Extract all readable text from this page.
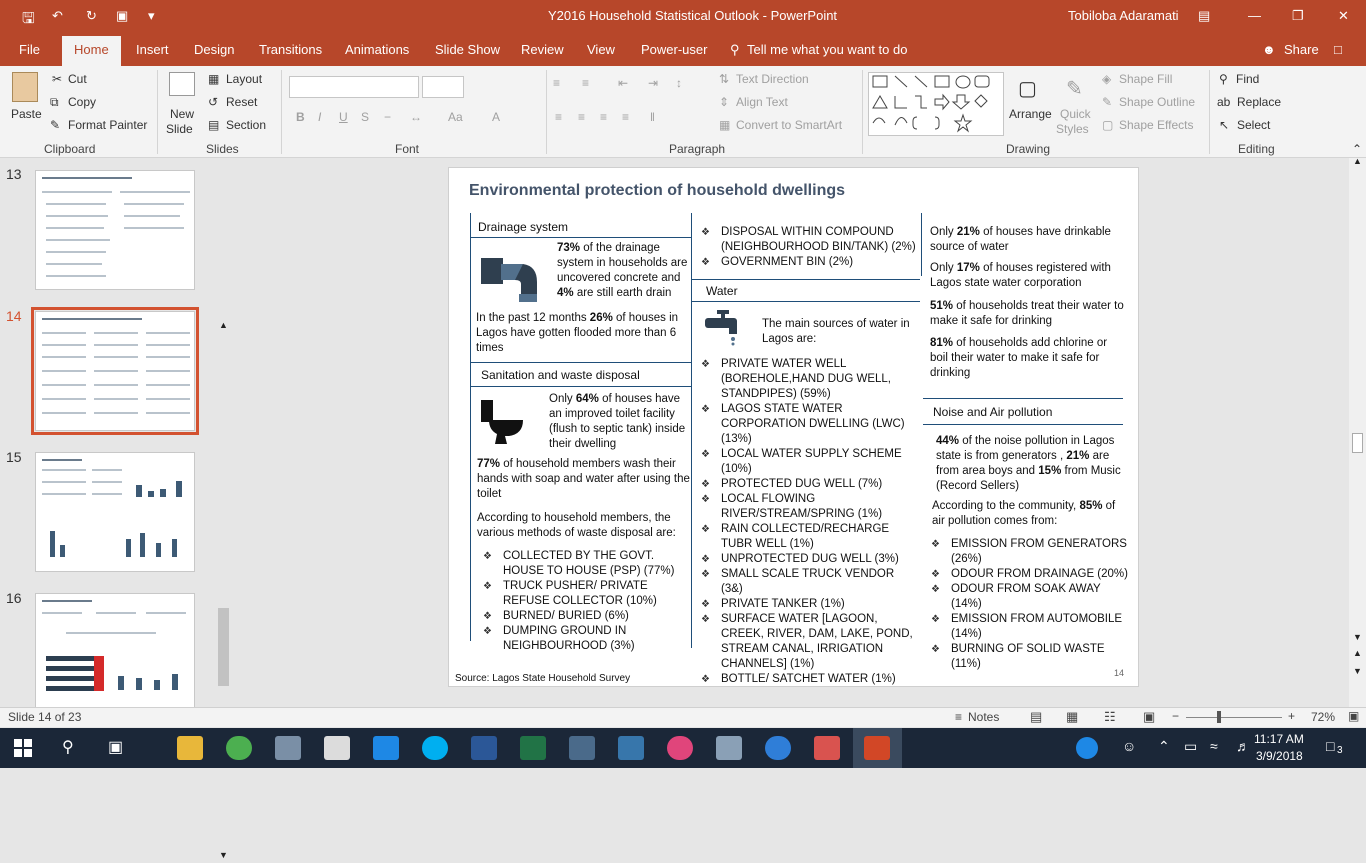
🖫 ↶ ↻ ▣ ▾	Y2016 Household Statistical Outlook - PowerPoint	Tobiloba Adaramati ▤	— ❐	✕
File	Home	Insert Design Transitions Animations Slide Show Review View Power-user ⚲ Tell me what you want to do	☻ Share □
Paste
✂ Cut
⧉ Copy
✎ Format Painter
Clipboard
New
Slide
▦ Layout
↺ Reset
▤ Section
Slides
B I U S − ↔ Aa A
Font
≡ ≡ ⇤ ⇥ ↕
≡ ≡ ≡ ≡ ‖
⇅ Text Direction
⇕ Align Text
▦ Convert to SmartArt
Paragraph
▢
Arrange
✎
Quick
Styles
◈ Shape Fill
✎ Shape Outline
▢ Shape Effects
Drawing
⚲ Find
ab Replace
↖ Select
Editing	⌃
13
14
15
16
▲
▼
Environmental protection of household dwellings
Drainage system
73% of the drainage system in households are uncovered concrete and 4% are still earth drain
In the past 12 months 26% of houses in Lagos have gotten flooded more than 6 times
Sanitation and waste disposal
Only 64% of houses have an improved toilet facility (flush to septic tank) inside their dwelling
77% of household members wash their hands with soap and water after using the toilet
According to household members, the various methods of waste disposal are:
❖ COLLECTED BY THE GOVT. HOUSE TO HOUSE (PSP) (77%)
❖ TRUCK PUSHER/ PRIVATE REFUSE COLLECTOR (10%)
❖ BURNED/ BURIED (6%)
❖ DUMPING GROUND IN NEIGHBOURHOOD (3%)
❖ DISPOSAL WITHIN COMPOUND (NEIGHBOURHOOD BIN/TANK) (2%)
❖ GOVERNMENT BIN (2%)
Water
The main sources of water in Lagos are:
❖ PRIVATE WATER WELL (BOREHOLE,HAND DUG WELL, STANDPIPES) (59%)
❖ LAGOS STATE WATER CORPORATION DWELLING (LWC) (13%)
❖ LOCAL WATER SUPPLY SCHEME (10%)
❖ PROTECTED DUG WELL (7%)
❖ LOCAL FLOWING RIVER/STREAM/SPRING (1%)
❖ RAIN COLLECTED/RECHARGE TUBR WELL (1%)
❖ UNPROTECTED DUG WELL (3%)
❖ SMALL SCALE TRUCK VENDOR (3&)
❖ PRIVATE TANKER (1%)
❖ SURFACE WATER [LAGOON, CREEK, RIVER, DAM, LAKE, POND, STREAM CANAL, IRRIGATION CHANNELS] (1%)
❖ BOTTLE/ SATCHET WATER (1%)
Only 21% of houses have drinkable source of water
Only 17% of houses registered with Lagos state water corporation
51% of households treat their water to make it safe for drinking
81% of households add chlorine or boil their water to make it safe for drinking
Noise and Air pollution
44% of the noise pollution in Lagos state is from generators , 21% are from area boys and 15% from Music (Record Sellers)
According to the community, 85% of air pollution comes from:
❖ EMISSION FROM GENERATORS (26%)
❖ ODOUR FROM DRAINAGE (20%)
❖ ODOUR FROM SOAK AWAY (14%)
❖ EMISSION FROM AUTOMOBILE (14%)
❖ BURNING OF SOLID WASTE (11%)
Source: Lagos State Household Survey	14
▲
▼
▲
▼
Slide 14 of 23	≡ Notes ▤ ▦ ☷ ▣ −	+ 72% ▣
⚲ ▣	☺ ⌃ ▭ ≈ ♬ 11:17 AM
3/9/2018
□ 3
